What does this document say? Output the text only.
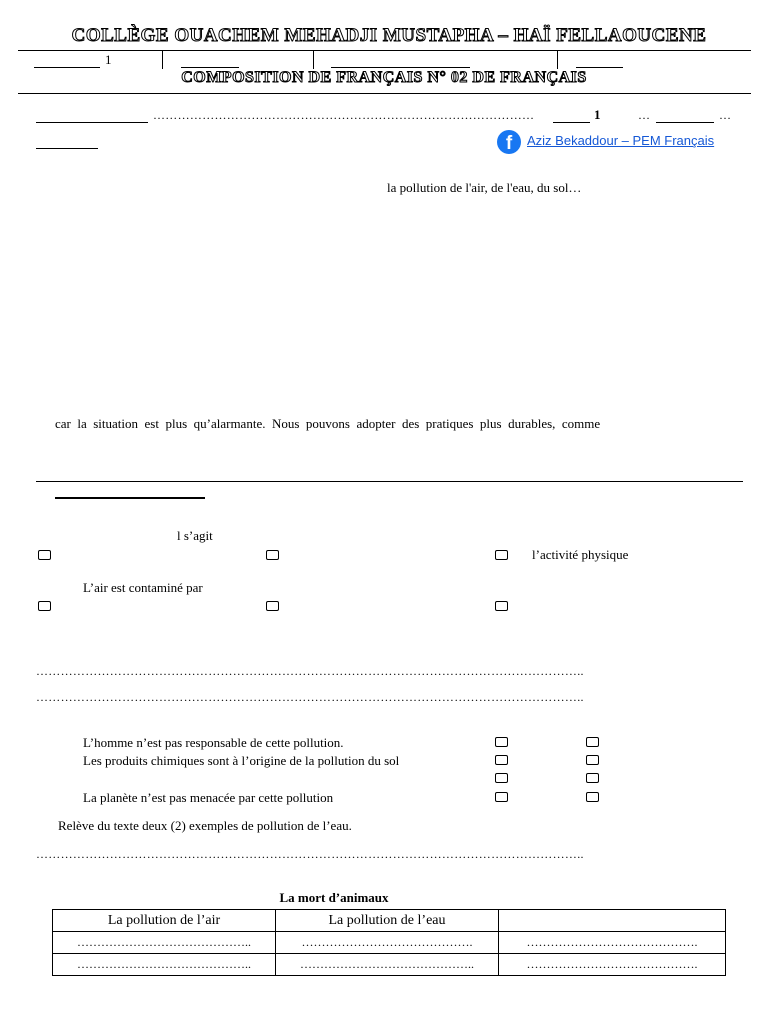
COLLÈGE OUACHEM MEHADJI MUSTAPHA – HAÏ FELLAOUCENE
1
COMPOSITION DE FRANÇAIS N° 02 DE FRANÇAIS
…………………………………………………………………………………	1	…	…
f	Aziz Bekaddour – PEM Français
la pollution de l'air, de l'eau, du sol…
car  la  situation  est  plus  qu’alarmante.  Nous  pouvons  adopter  des  pratiques  plus  durables,  comme
l s’agit
l’activité physique
L’air est contaminé par
……………………………………………………………………………………………………………………..
……………………………………………………………………………………………………………………..
L’homme n’est pas responsable de cette pollution.
Les produits chimiques sont à l’origine de la pollution du sol
La planète n’est pas menacée par cette pollution
Relève du texte deux (2) exemples de pollution de l’eau.
……………………………………………………………………………………………………………………..
La mort d’animaux
La pollution de l’air	La pollution de l’eau	
……………………………………..	…………………………………….	…………………………………….
……………………………………..	……………………………………..	…………………………………….
